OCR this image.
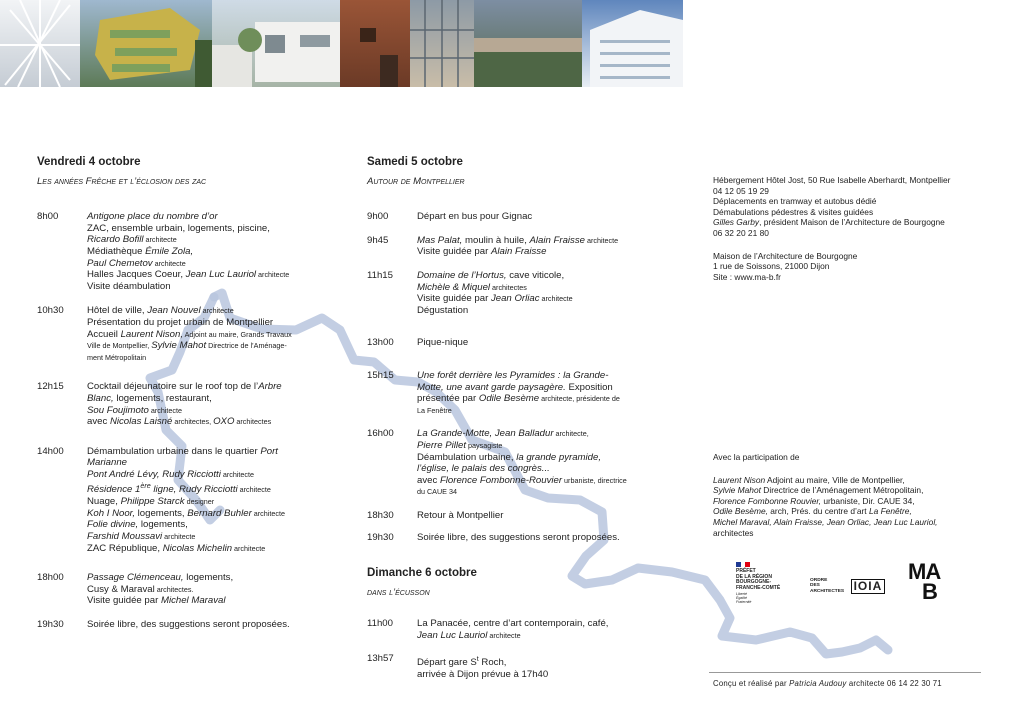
Vendredi 4 octobre
Les années Frêche et l’éclosion des zac
8h00	Antigone place du nombre d’or
ZAC, ensemble urbain, logements, piscine,
Ricardo Bofill architecte
Médiathèque Émile Zola,
Paul Chemetov architecte
Halles Jacques Coeur, Jean Luc Lauriol architecte
Visite déambulation
10h30	Hôtel de ville, Jean Nouvel architecte
Présentation du projet urbain de Montpellier
Accueil Laurent Nison, Adjoint au maire, Grands Travaux
Ville de Montpellier, Sylvie Mahot Directrice de l’Aménage-
ment Métropolitain
12h15	Cocktail déjeunatoire sur le roof top de l’Arbre
Blanc, logements, restaurant,
Sou Foujimoto architecte
avec Nicolas Laisné architectes, OXO architectes
14h00	Démambulation urbaine dans le quartier Port
Marianne
Pont André Lévy, Rudy Ricciotti architecte
Résidence 1ère ligne, Rudy Ricciotti architecte
Nuage, Philippe Starck designer
Koh I Noor, logements, Bernard Buhler architecte
Folie divine, logements,
Farshid Moussavi architecte
ZAC République, Nicolas Michelin architecte
18h00	Passage Clémenceau, logements,
Cusy & Maraval architectes.
Visite guidée par Michel Maraval
19h30	Soirée libre, des suggestions seront proposées.
Samedi 5 octobre
Autour de Montpellier
9h00	Départ en bus pour Gignac
9h45	Mas Palat, moulin à huile, Alain Fraisse architecte
Visite guidée par Alain Fraisse
11h15	Domaine de l’Hortus, cave viticole,
Michèle & Miquel architectes
Visite guidée par Jean Orliac architecte
Dégustation
13h00	Pique-nique
15h15	Une forêt derrière les Pyramides : la Grande-
Motte, une avant garde paysagère. Exposition
présentée par Odile Besème architecte, présidente de
La Fenêtre
16h00	La Grande-Motte, Jean Balladur architecte,
Pierre Pillet paysagiste
Déambulation urbaine, la grande pyramide,
l’église, le palais des congrès...
avec Florence Fombonne-Rouvier urbaniste, directrice
du CAUE 34
18h30	Retour à Montpellier
19h30	Soirée libre, des suggestions seront proposées.
Dimanche 6 octobre
dans l’écusson
11h00	La Panacée, centre d’art contemporain, café,
Jean Luc Lauriol architecte
13h57	Départ gare $S^t$ Roch,
arrivée à Dijon prévue à 17h40
Hébergement Hôtel Jost, 50 Rue Isabelle Aberhardt, Montpellier
04 12 05 19 29
Déplacements en tramway et autobus dédié
Démabulations pédestres & visites guidées
Gilles Garby, président Maison de l’Architecture de Bourgogne
06 32 20 21 80
Maison de l’Architecture de Bourgogne
1 rue de Soissons, 21000 Dijon
Site : www.ma-b.fr
Avec la participation de
Laurent Nison Adjoint au maire, Ville de Montpellier,
Sylvie Mahot Directrice de l’Aménagement Métropolitain,
Florence Fombonne Rouvier, urbaniste, Dir. CAUE 34,
Odile Besème, arch, Prés. du centre d’art La Fenêtre,
Michel Maraval, Alain Fraisse, Jean Orliac, Jean Luc Lauriol,
architectes
PRÉFET
DE LA RÉGION
BOURGOGNE-
FRANCHE-COMTÉ
Liberté
Égalité
Fraternité
ORDRE
DES
ARCHITECTES IOIA
MA
B
Conçu et réalisé par Patricia Audouy architecte 06 14 22 30 71
